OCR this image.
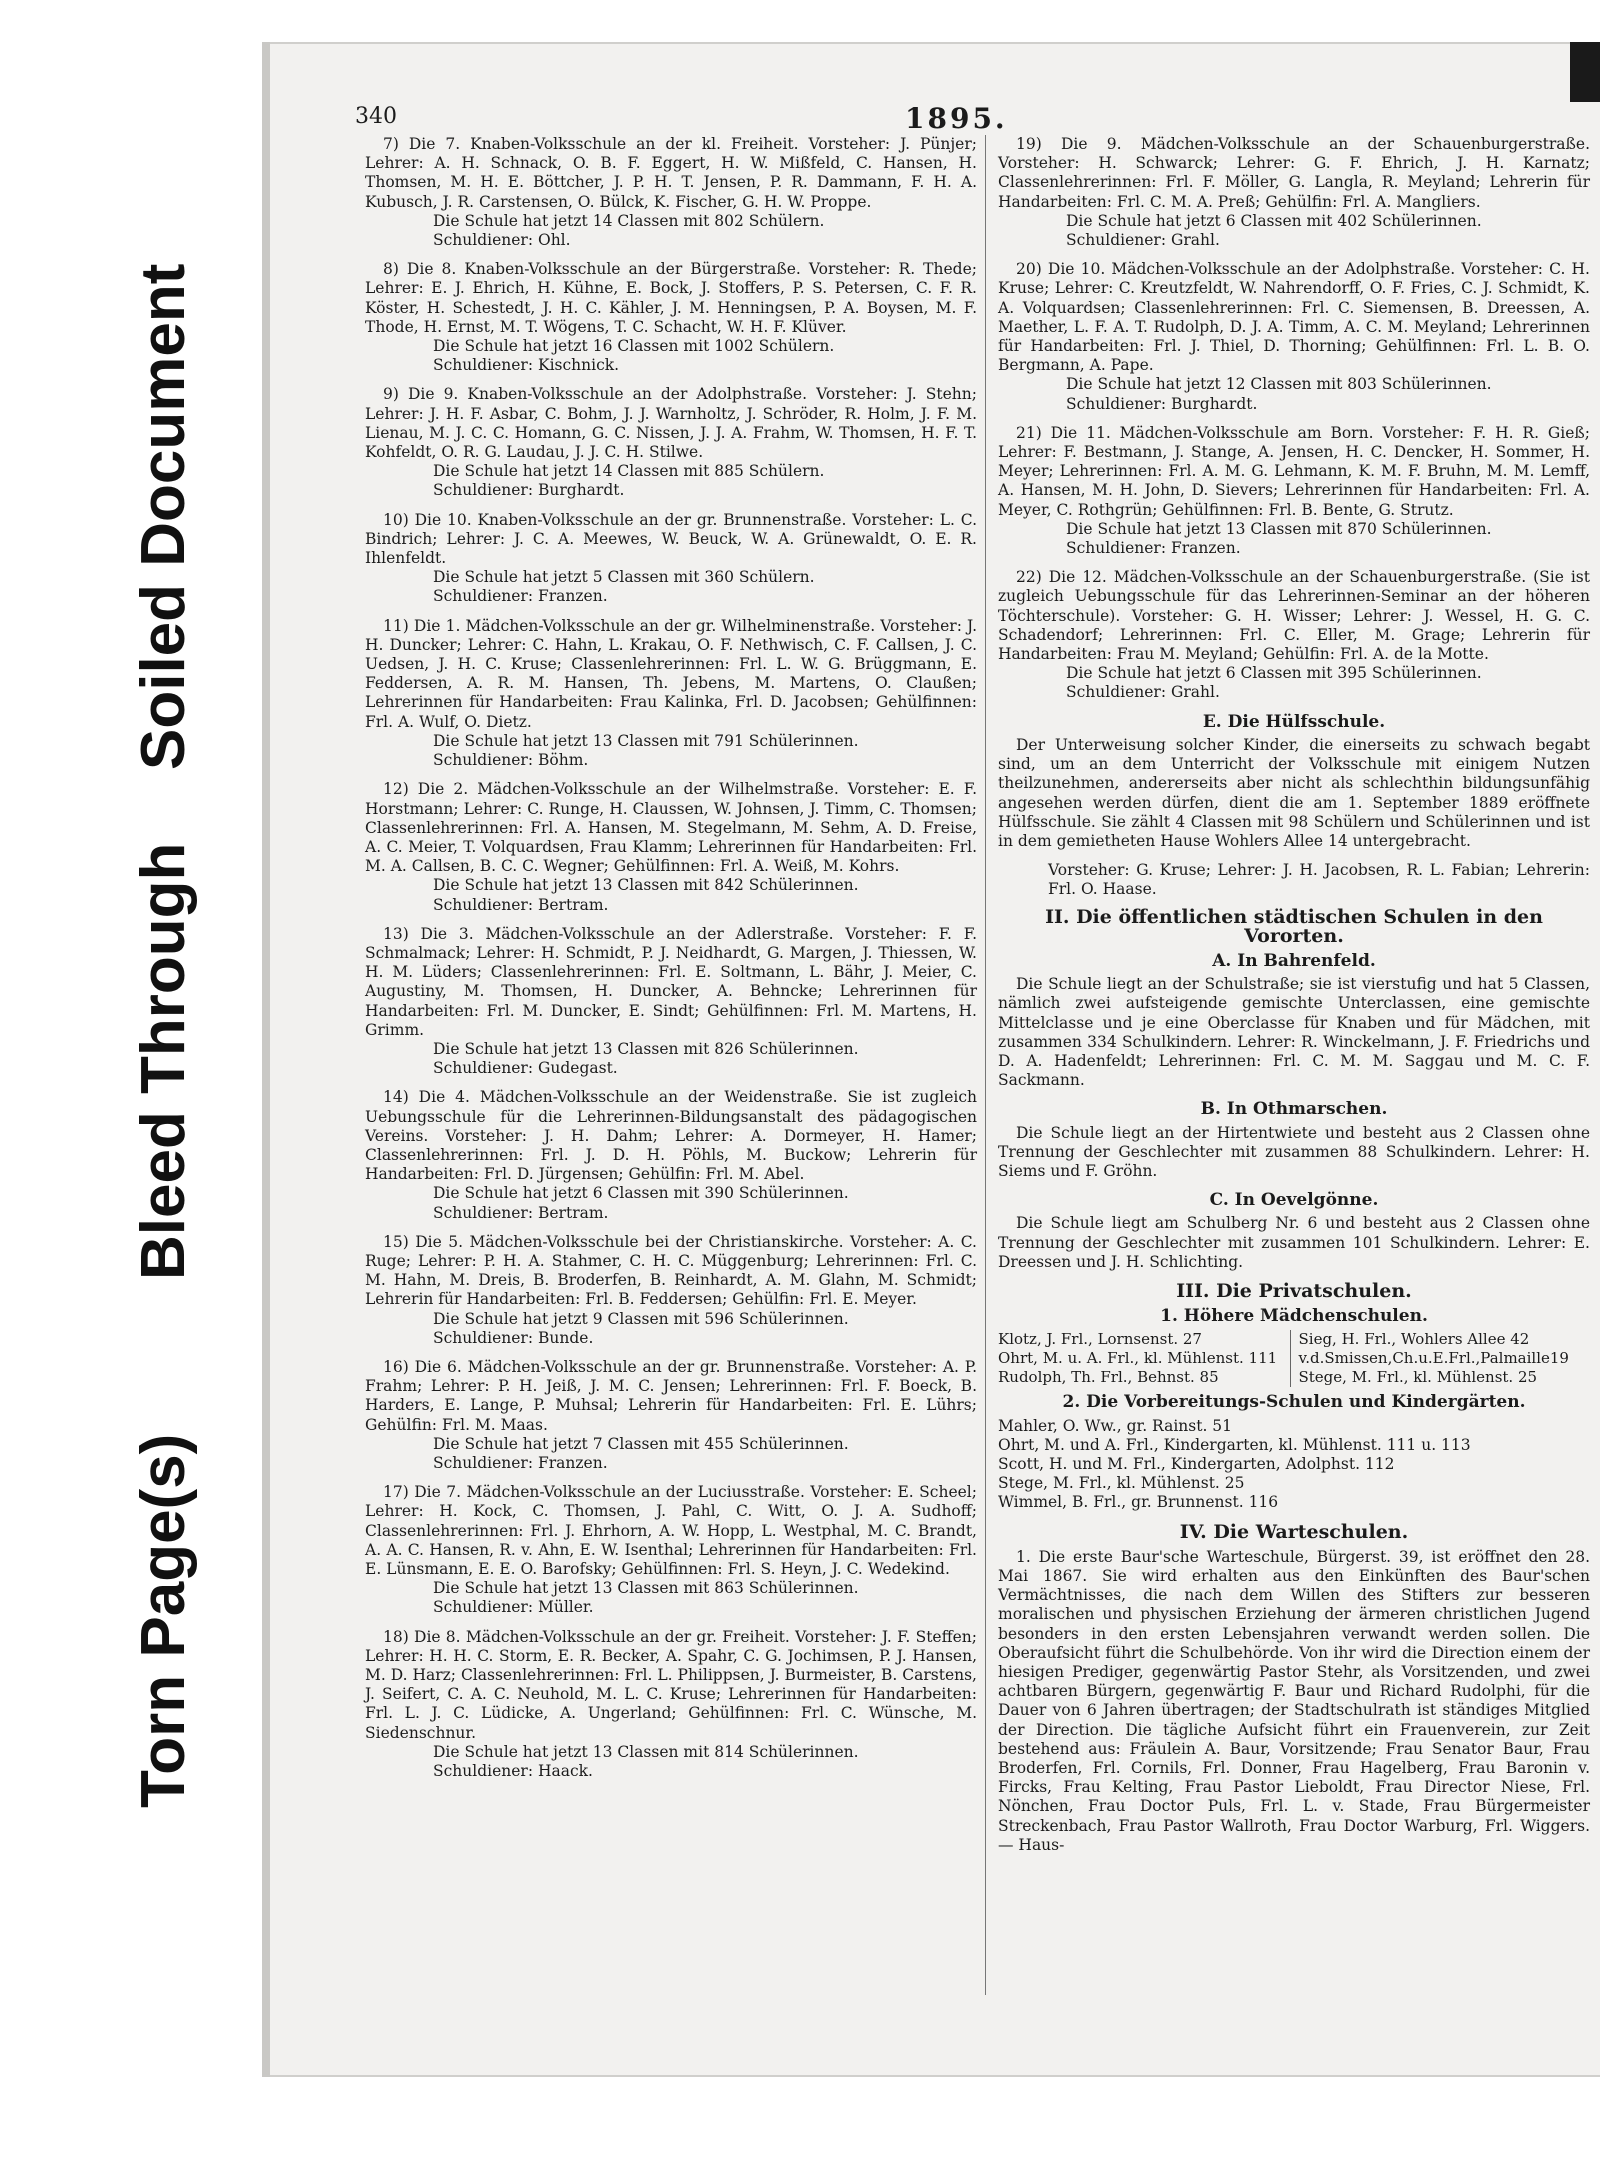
Torn Page(s)
Bleed Through
Soiled Document
340	1895.

7) Die 7. Knaben-Volksschule an der kl. Freiheit. Vorsteher: J. Pünjer; Lehrer: A. H. Schnack, O. B. F. Eggert, H. W. Mißfeld, C. Hansen, H. Thomsen, M. H. E. Böttcher, J. P. H. T. Jensen, P. R. Dammann, F. H. A. Kubusch, J. R. Carstensen, O. Bülck, K. Fischer, G. H. W. Proppe.

Die Schule hat jetzt 14 Classen mit 802 Schülern.

Schuldiener: Ohl.

8) Die 8. Knaben-Volksschule an der Bürgerstraße. Vorsteher: R. Thede; Lehrer: E. J. Ehrich, H. Kühne, E. Bock, J. Stoffers, P. S. Petersen, C. F. R. Köster, H. Schestedt, J. H. C. Kähler, J. M. Henningsen, P. A. Boysen, M. F. Thode, H. Ernst, M. T. Wögens, T. C. Schacht, W. H. F. Klüver.

Die Schule hat jetzt 16 Classen mit 1002 Schülern.

Schuldiener: Kischnick.

9) Die 9. Knaben-Volksschule an der Adolphstraße. Vorsteher: J. Stehn; Lehrer: J. H. F. Asbar, C. Bohm, J. J. Warnholtz, J. Schröder, R. Holm, J. F. M. Lienau, M. J. C. C. Homann, G. C. Nissen, J. J. A. Frahm, W. Thomsen, H. F. T. Kohfeldt, O. R. G. Laudau, J. J. C. H. Stilwe.

Die Schule hat jetzt 14 Classen mit 885 Schülern.

Schuldiener: Burghardt.

10) Die 10. Knaben-Volksschule an der gr. Brunnenstraße. Vorsteher: L. C. Bindrich; Lehrer: J. C. A. Meewes, W. Beuck, W. A. Grünewaldt, O. E. R. Ihlenfeldt.

Die Schule hat jetzt 5 Classen mit 360 Schülern.

Schuldiener: Franzen.

11) Die 1. Mädchen-Volksschule an der gr. Wilhelminenstraße. Vorsteher: J. H. Duncker; Lehrer: C. Hahn, L. Krakau, O. F. Nethwisch, C. F. Callsen, J. C. Uedsen, J. H. C. Kruse; Classenlehrerinnen: Frl. L. W. G. Brüggmann, E. Feddersen, A. R. M. Hansen, Th. Jebens, M. Martens, O. Claußen; Lehrerinnen für Handarbeiten: Frau Kalinka, Frl. D. Jacobsen; Gehülfinnen: Frl. A. Wulf, O. Dietz.

Die Schule hat jetzt 13 Classen mit 791 Schülerinnen.

Schuldiener: Böhm.

12) Die 2. Mädchen-Volksschule an der Wilhelmstraße. Vorsteher: E. F. Horstmann; Lehrer: C. Runge, H. Claussen, W. Johnsen, J. Timm, C. Thomsen; Classenlehrerinnen: Frl. A. Hansen, M. Stegelmann, M. Sehm, A. D. Freise, A. C. Meier, T. Volquardsen, Frau Klamm; Lehrerinnen für Handarbeiten: Frl. M. A. Callsen, B. C. C. Wegner; Gehülfinnen: Frl. A. Weiß, M. Kohrs.

Die Schule hat jetzt 13 Classen mit 842 Schülerinnen.

Schuldiener: Bertram.

13) Die 3. Mädchen-Volksschule an der Adlerstraße. Vorsteher: F. F. Schmalmack; Lehrer: H. Schmidt, P. J. Neidhardt, G. Margen, J. Thiessen, W. H. M. Lüders; Classenlehrerinnen: Frl. E. Soltmann, L. Bähr, J. Meier, C. Augustiny, M. Thomsen, H. Duncker, A. Behncke; Lehrerinnen für Handarbeiten: Frl. M. Duncker, E. Sindt; Gehülfinnen: Frl. M. Martens, H. Grimm.

Die Schule hat jetzt 13 Classen mit 826 Schülerinnen.

Schuldiener: Gudegast.

14) Die 4. Mädchen-Volksschule an der Weidenstraße. Sie ist zugleich Uebungsschule für die Lehrerinnen-Bildungsanstalt des pädagogischen Vereins. Vorsteher: J. H. Dahm; Lehrer: A. Dormeyer, H. Hamer; Classenlehrerinnen: Frl. J. D. H. Pöhls, M. Buckow; Lehrerin für Handarbeiten: Frl. D. Jürgensen; Gehülfin: Frl. M. Abel.

Die Schule hat jetzt 6 Classen mit 390 Schülerinnen.

Schuldiener: Bertram.

15) Die 5. Mädchen-Volksschule bei der Christianskirche. Vorsteher: A. C. Ruge; Lehrer: P. H. A. Stahmer, C. H. C. Müggenburg; Lehrerinnen: Frl. C. M. Hahn, M. Dreis, B. Broderfen, B. Reinhardt, A. M. Glahn, M. Schmidt; Lehrerin für Handarbeiten: Frl. B. Feddersen; Gehülfin: Frl. E. Meyer.

Die Schule hat jetzt 9 Classen mit 596 Schülerinnen.

Schuldiener: Bunde.

16) Die 6. Mädchen-Volksschule an der gr. Brunnenstraße. Vorsteher: A. P. Frahm; Lehrer: P. H. Jeiß, J. M. C. Jensen; Lehrerinnen: Frl. F. Boeck, B. Harders, E. Lange, P. Muhsal; Lehrerin für Handarbeiten: Frl. E. Lührs; Gehülfin: Frl. M. Maas.

Die Schule hat jetzt 7 Classen mit 455 Schülerinnen.

Schuldiener: Franzen.

17) Die 7. Mädchen-Volksschule an der Luciusstraße. Vorsteher: E. Scheel; Lehrer: H. Kock, C. Thomsen, J. Pahl, C. Witt, O. J. A. Sudhoff; Classenlehrerinnen: Frl. J. Ehrhorn, A. W. Hopp, L. Westphal, M. C. Brandt, A. A. C. Hansen, R. v. Ahn, E. W. Isenthal; Lehrerinnen für Handarbeiten: Frl. E. Lünsmann, E. E. O. Barofsky; Gehülfinnen: Frl. S. Heyn, J. C. Wedekind.

Die Schule hat jetzt 13 Classen mit 863 Schülerinnen.

Schuldiener: Müller.

18) Die 8. Mädchen-Volksschule an der gr. Freiheit. Vorsteher: J. F. Steffen; Lehrer: H. H. C. Storm, E. R. Becker, A. Spahr, C. G. Jochimsen, P. J. Hansen, M. D. Harz; Classenlehrerinnen: Frl. L. Philippsen, J. Burmeister, B. Carstens, J. Seifert, C. A. C. Neuhold, M. L. C. Kruse; Lehrerinnen für Handarbeiten: Frl. L. J. C. Lüdicke, A. Ungerland; Gehülfinnen: Frl. C. Wünsche, M. Siedenschnur.

Die Schule hat jetzt 13 Classen mit 814 Schülerinnen.

Schuldiener: Haack.

19) Die 9. Mädchen-Volksschule an der Schauenburgerstraße. Vorsteher: H. Schwarck; Lehrer: G. F. Ehrich, J. H. Karnatz; Classenlehrerinnen: Frl. F. Möller, G. Langla, R. Meyland; Lehrerin für Handarbeiten: Frl. C. M. A. Preß; Gehülfin: Frl. A. Mangliers.

Die Schule hat jetzt 6 Classen mit 402 Schülerinnen.

Schuldiener: Grahl.

20) Die 10. Mädchen-Volksschule an der Adolphstraße. Vorsteher: C. H. Kruse; Lehrer: C. Kreutzfeldt, W. Nahrendorff, O. F. Fries, C. J. Schmidt, K. A. Volquardsen; Classenlehrerinnen: Frl. C. Siemensen, B. Dreessen, A. Maether, L. F. A. T. Rudolph, D. J. A. Timm, A. C. M. Meyland; Lehrerinnen für Handarbeiten: Frl. J. Thiel, D. Thorning; Gehülfinnen: Frl. L. B. O. Bergmann, A. Pape.

Die Schule hat jetzt 12 Classen mit 803 Schülerinnen.

Schuldiener: Burghardt.

21) Die 11. Mädchen-Volksschule am Born. Vorsteher: F. H. R. Gieß; Lehrer: F. Bestmann, J. Stange, A. Jensen, H. C. Dencker, H. Sommer, H. Meyer; Lehrerinnen: Frl. A. M. G. Lehmann, K. M. F. Bruhn, M. M. Lemff, A. Hansen, M. H. John, D. Sievers; Lehrerinnen für Handarbeiten: Frl. A. Meyer, C. Rothgrün; Gehülfinnen: Frl. B. Bente, G. Strutz.

Die Schule hat jetzt 13 Classen mit 870 Schülerinnen.

Schuldiener: Franzen.

22) Die 12. Mädchen-Volksschule an der Schauenburgerstraße. (Sie ist zugleich Uebungsschule für das Lehrerinnen-Seminar an der höheren Töchterschule). Vorsteher: G. H. Wisser; Lehrer: J. Wessel, H. G. C. Schadendorf; Lehrerinnen: Frl. C. Eller, M. Grage; Lehrerin für Handarbeiten: Frau M. Meyland; Gehülfin: Frl. A. de la Motte.

Die Schule hat jetzt 6 Classen mit 395 Schülerinnen.

Schuldiener: Grahl.

E. Die Hülfsschule.

Der Unterweisung solcher Kinder, die einerseits zu schwach begabt sind, um an dem Unterricht der Volksschule mit einigem Nutzen theilzunehmen, andererseits aber nicht als schlechthin bildungsunfähig angesehen werden dürfen, dient die am 1. September 1889 eröffnete Hülfsschule. Sie zählt 4 Classen mit 98 Schülern und Schülerinnen und ist in dem gemietheten Hause Wohlers Allee 14 untergebracht.

Vorsteher: G. Kruse; Lehrer: J. H. Jacobsen, R. L. Fabian; Lehrerin: Frl. O. Haase.

II. Die öffentlichen städtischen Schulen in den Vororten.
A. In Bahrenfeld.

Die Schule liegt an der Schulstraße; sie ist vierstufig und hat 5 Classen, nämlich zwei aufsteigende gemischte Unterclassen, eine gemischte Mittelclasse und je eine Oberclasse für Knaben und für Mädchen, mit zusammen 334 Schulkindern. Lehrer: R. Winckelmann, J. F. Friedrichs und D. A. Hadenfeldt; Lehrerinnen: Frl. C. M. M. Saggau und M. C. F. Sackmann.

B. In Othmarschen.

Die Schule liegt an der Hirtentwiete und besteht aus 2 Classen ohne Trennung der Geschlechter mit zusammen 88 Schulkindern. Lehrer: H. Siems und F. Gröhn.

C. In Oevelgönne.

Die Schule liegt am Schulberg Nr. 6 und besteht aus 2 Classen ohne Trennung der Geschlechter mit zusammen 101 Schulkindern. Lehrer: E. Dreessen und J. H. Schlichting.

III. Die Privatschulen.
1. Höhere Mädchenschulen.

Klotz, J. Frl., Lornsenst. 27

Ohrt, M. u. A. Frl., kl. Mühlenst. 111

Rudolph, Th. Frl., Behnst. 85

Sieg, H. Frl., Wohlers Allee 42

v.d.Smissen,Ch.u.E.Frl.,Palmaille19

Stege, M. Frl., kl. Mühlenst. 25

2. Die Vorbereitungs-Schulen und Kindergärten.

Mahler, O. Ww., gr. Rainst. 51

Ohrt, M. und A. Frl., Kindergarten, kl. Mühlenst. 111 u. 113

Scott, H. und M. Frl., Kindergarten, Adolphst. 112

Stege, M. Frl., kl. Mühlenst. 25

Wimmel, B. Frl., gr. Brunnenst. 116

IV. Die Warteschulen.

1. Die erste Baur'sche Warteschule, Bürgerst. 39, ist eröffnet den 28. Mai 1867. Sie wird erhalten aus den Einkünften des Baur'schen Vermächtnisses, die nach dem Willen des Stifters zur besseren moralischen und physischen Erziehung der ärmeren christlichen Jugend besonders in den ersten Lebensjahren verwandt werden sollen. Die Oberaufsicht führt die Schulbehörde. Von ihr wird die Direction einem der hiesigen Prediger, gegenwärtig Pastor Stehr, als Vorsitzenden, und zwei achtbaren Bürgern, gegenwärtig F. Baur und Richard Rudolphi, für die Dauer von 6 Jahren übertragen; der Stadtschulrath ist ständiges Mitglied der Direction. Die tägliche Aufsicht führt ein Frauenverein, zur Zeit bestehend aus: Fräulein A. Baur, Vorsitzende; Frau Senator Baur, Frau Broderfen, Frl. Cornils, Frl. Donner, Frau Hagelberg, Frau Baronin v. Fircks, Frau Kelting, Frau Pastor Lieboldt, Frau Director Niese, Frl. Nönchen, Frau Doctor Puls, Frl. L. v. Stade, Frau Bürgermeister Streckenbach, Frau Pastor Wallroth, Frau Doctor Warburg, Frl. Wiggers. — Haus-
